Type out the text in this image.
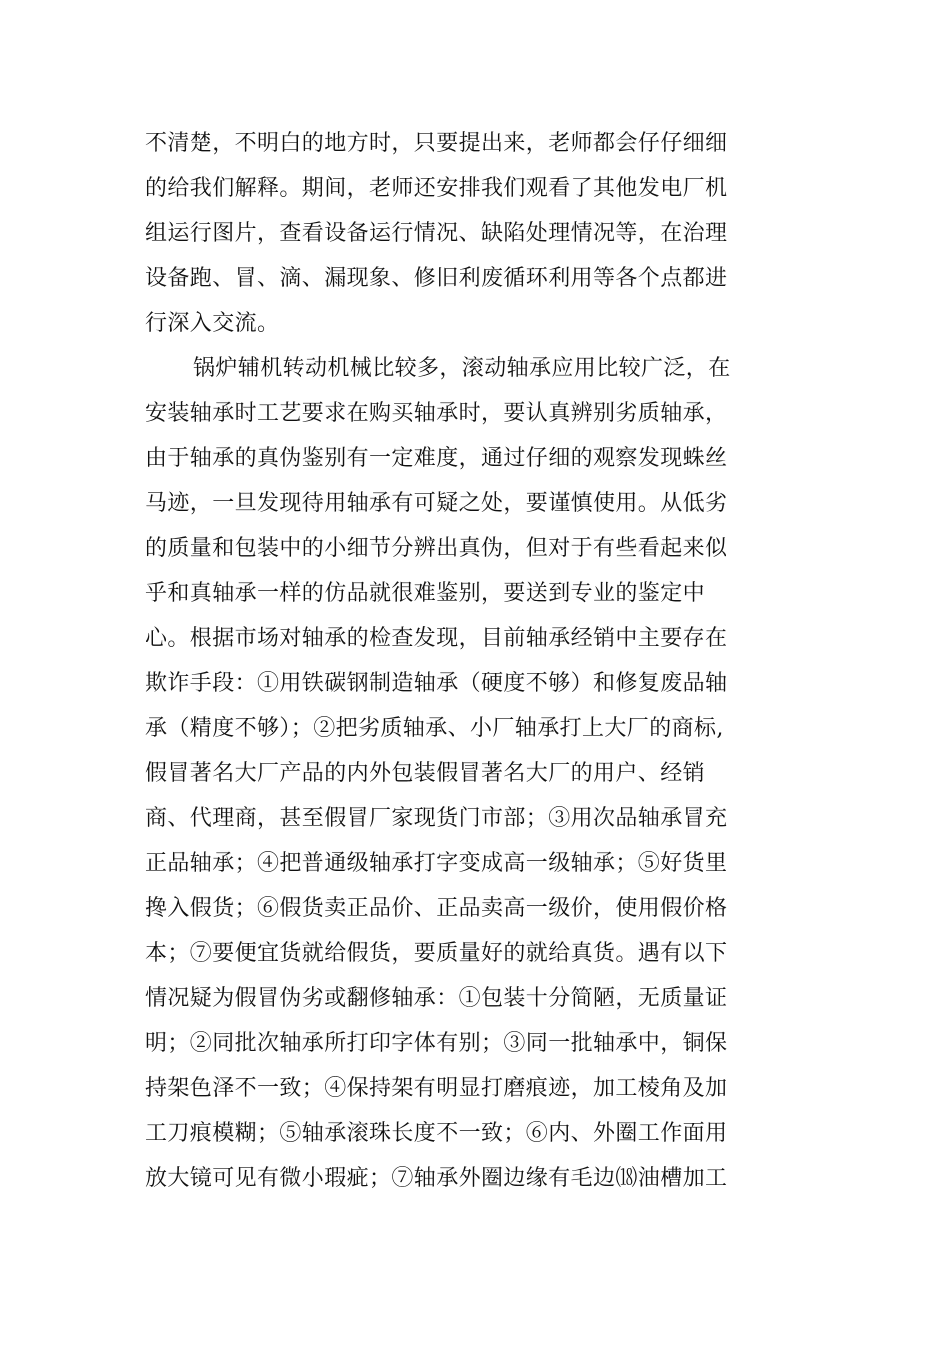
不清楚，不明白的地方时，只要提出来，老师都会仔仔细细
的给我们解释。期间，老师还安排我们观看了其他发电厂机
组运行图片，查看设备运行情况、缺陷处理情况等，在治理
设备跑、冒、滴、漏现象、修旧利废循环利用等各个点都进
行深入交流。
锅炉辅机转动机械比较多，滚动轴承应用比较广泛，在
安装轴承时工艺要求在购买轴承时，要认真辨别劣质轴承，
由于轴承的真伪鉴别有一定难度，通过仔细的观察发现蛛丝
马迹，一旦发现待用轴承有可疑之处，要谨慎使用。从低劣
的质量和包装中的小细节分辨出真伪，但对于有些看起来似
乎和真轴承一样的仿品就很难鉴别，要送到专业的鉴定中
心。根据市场对轴承的检查发现，目前轴承经销中主要存在
欺诈手段：①用铁碳钢制造轴承（硬度不够）和修复废品轴
承（精度不够）；②把劣质轴承、小厂轴承打上大厂的商标,
假冒著名大厂产品的内外包装假冒著名大厂的用户、经销
商、代理商，甚至假冒厂家现货门市部；③用次品轴承冒充
正品轴承；④把普通级轴承打字变成高一级轴承；⑤好货里
搀入假货；⑥假货卖正品价、正品卖高一级价，使用假价格
本；⑦要便宜货就给假货，要质量好的就给真货。遇有以下
情况疑为假冒伪劣或翻修轴承：①包装十分简陋，无质量证
明；②同批次轴承所打印字体有别；③同一批轴承中，铜保
持架色泽不一致；④保持架有明显打磨痕迹，加工棱角及加
工刀痕模糊；⑤轴承滚珠长度不一致；⑥内、外圈工作面用
放大镜可见有微小瑕疵；⑦轴承外圈边缘有毛边⒅油槽加工
